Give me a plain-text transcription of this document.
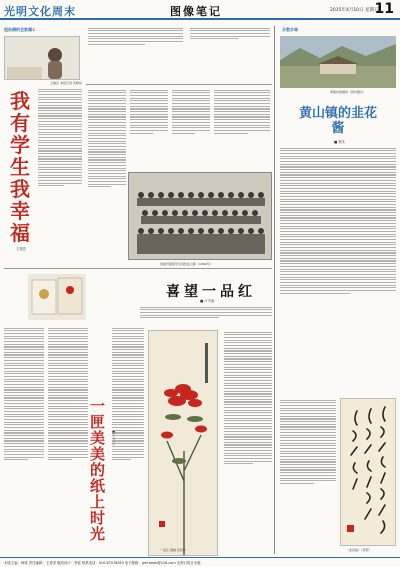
光明文化周末	图像笔记	2015年4月10日 星期五
11
祖孙俩的全家福①
王瑞芸 本报记者 宋晓东
我有学生我幸福
王瑞芸
首届外国留学生班结业合影（1962年）
喜望一品红
■ 卢中南
一品红 国画 吴冠中
一匣美美的纸上时光
乡愁乡味
邢窝村的晒场（资料图片）
黄山镇的韭花酱
■ 郑永
《韭花帖》（局部）
本版主编：韩寒 责任编辑：王爱国 版面设计：李锐 联系电话：010-67078263 电子邮箱：gmrbwzb@126.com 光明日报社出版
